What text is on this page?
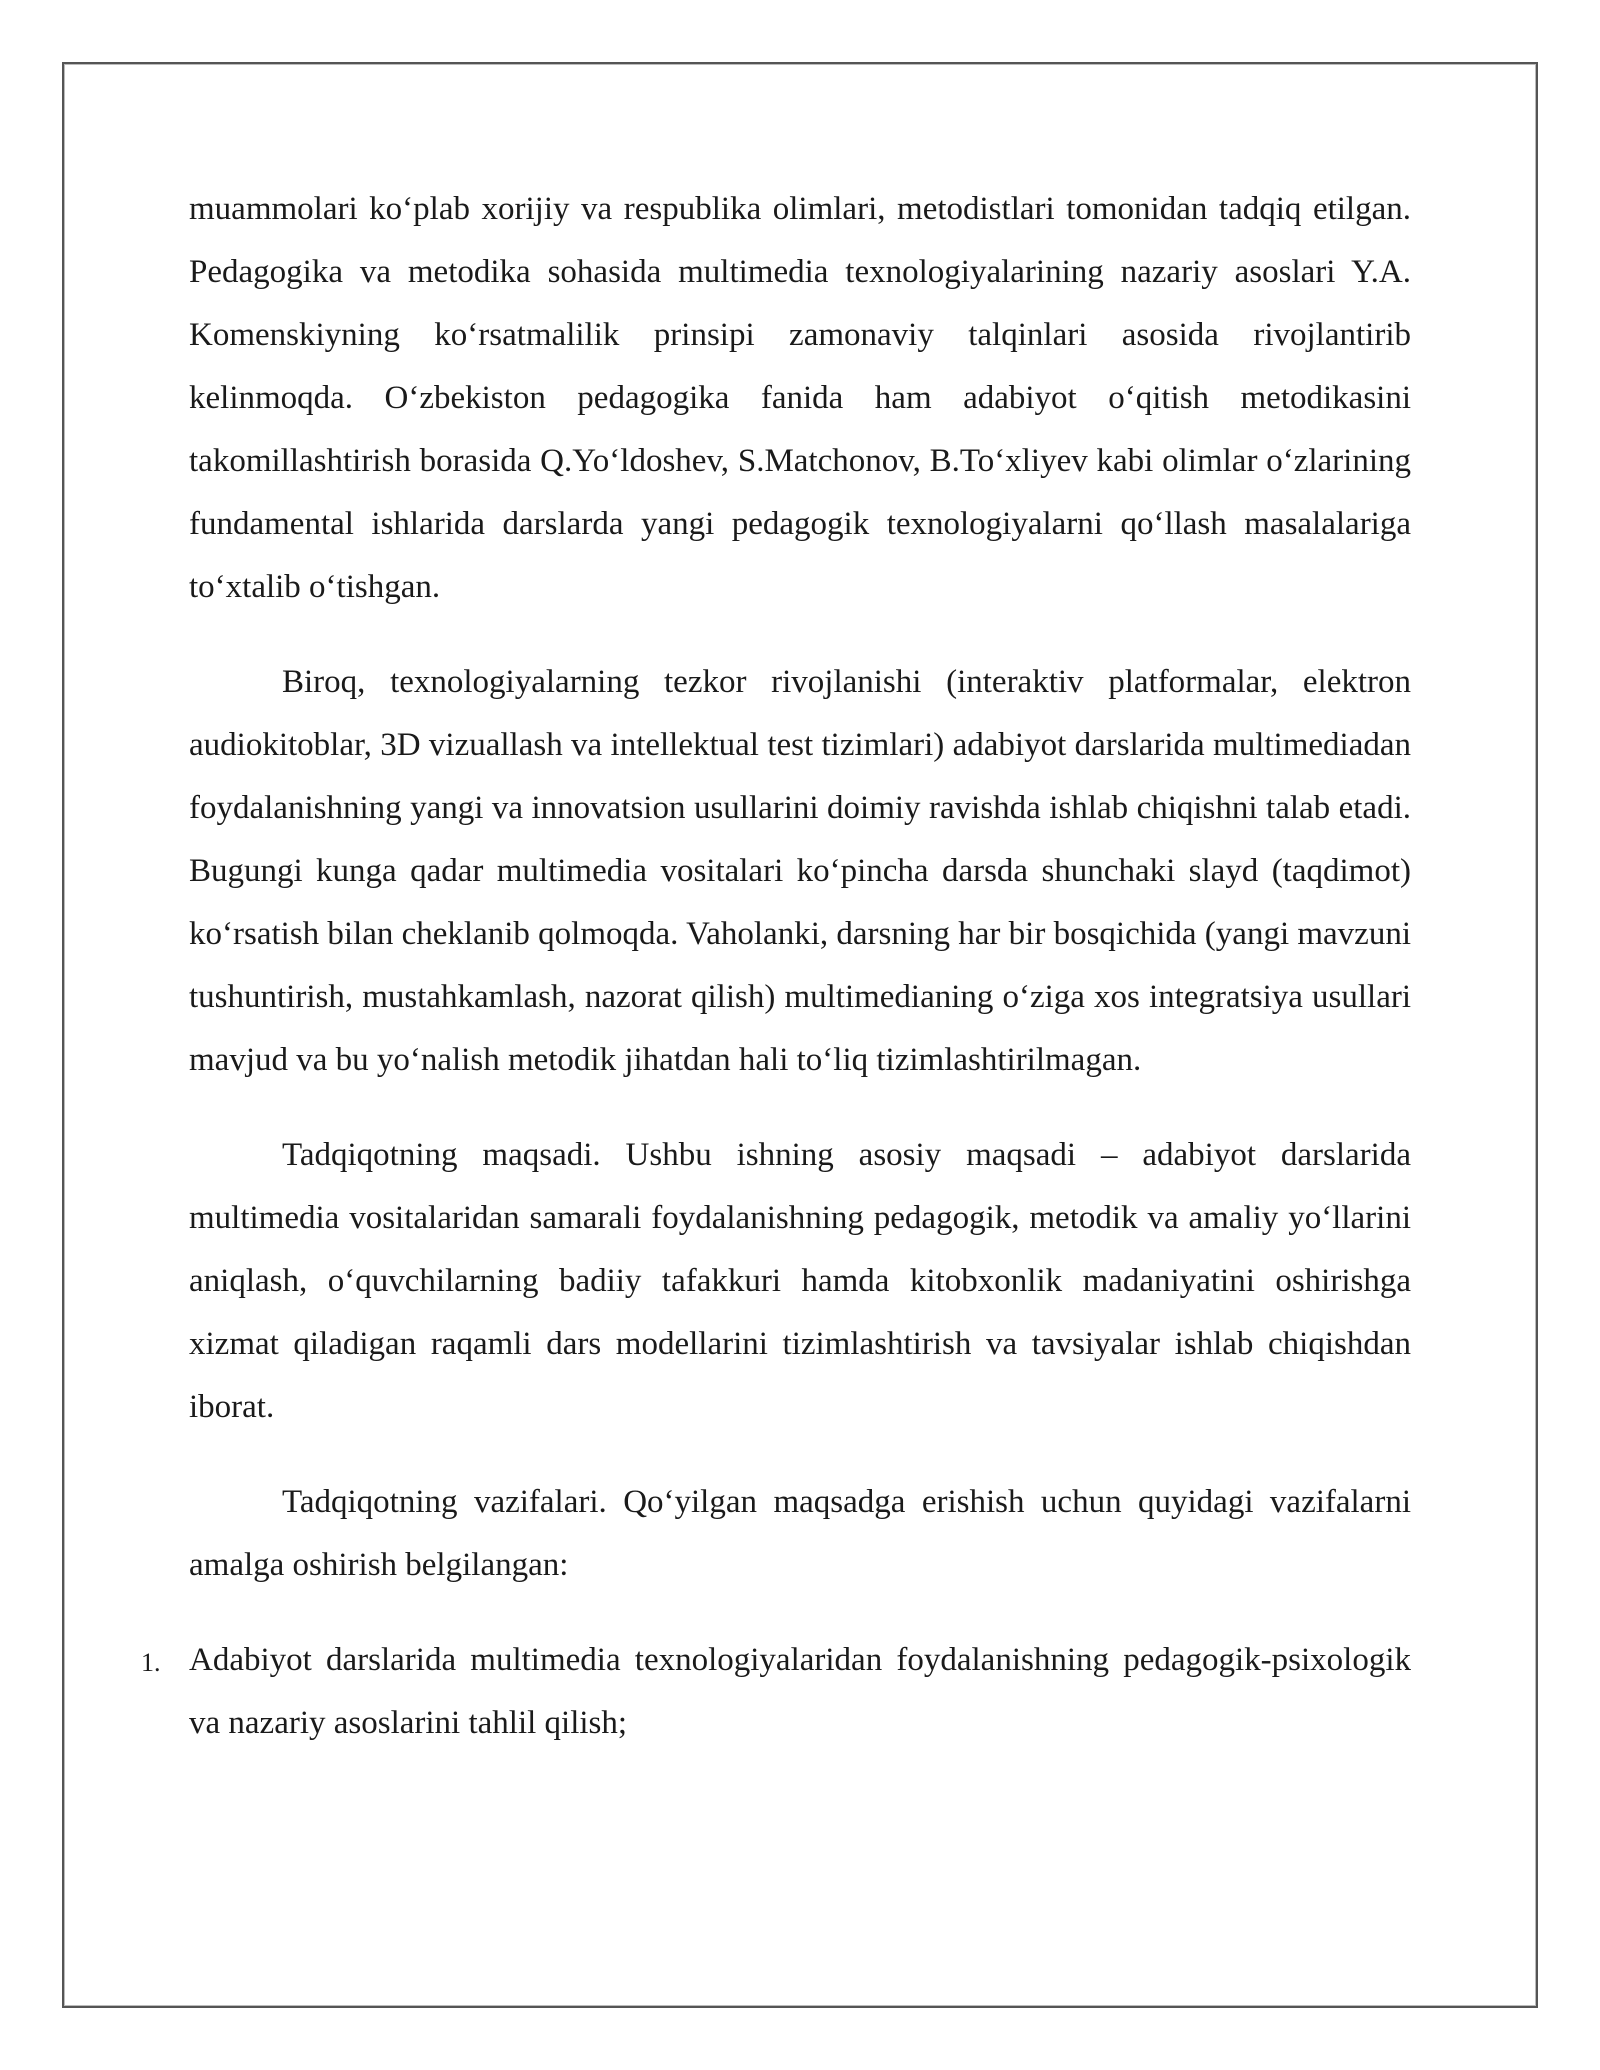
muammolari koʻplab xorijiy va respublika olimlari, metodistlari tomonidan tadqiq etilgan. Pedagogika va metodika sohasida multimedia texnologiyalarining nazariy asoslari Y.A. Komenskiyning koʻrsatmalilik prinsipi zamonaviy talqinlari asosida rivojlantirib kelinmoqda. Oʻzbekiston pedagogika fanida ham adabiyot oʻqitish metodikasini takomillashtirish borasida Q.Yoʻldoshev, S.Matchonov, B.Toʻxliyev kabi olimlar oʻzlarining fundamental ishlarida darslarda yangi pedagogik texnologiyalarni qoʻllash masalalariga toʻxtalib oʻtishgan.

Biroq, texnologiyalarning tezkor rivojlanishi (interaktiv platformalar, elektron audiokitoblar, 3D vizuallash va intellektual test tizimlari) adabiyot darslarida multimediadan foydalanishning yangi va innovatsion usullarini doimiy ravishda ishlab chiqishni talab etadi. Bugungi kunga qadar multimedia vositalari koʻpincha darsda shunchaki slayd (taqdimot) koʻrsatish bilan cheklanib qolmoqda. Vaholanki, darsning har bir bosqichida (yangi mavzuni tushuntirish, mustahkamlash, nazorat qilish) multimedianing oʻziga xos integratsiya usullari mavjud va bu yoʻnalish metodik jihatdan hali toʻliq tizimlashtirilmagan.

Tadqiqotning maqsadi. Ushbu ishning asosiy maqsadi – adabiyot darslarida multimedia vositalaridan samarali foydalanishning pedagogik, metodik va amaliy yoʻllarini aniqlash, oʻquvchilarning badiiy tafakkuri hamda kitobxonlik madaniyatini oshirishga xizmat qiladigan raqamli dars modellarini tizimlashtirish va tavsiyalar ishlab chiqishdan iborat.

Tadqiqotning vazifalari. Qoʻyilgan maqsadga erishish uchun quyidagi vazifalarni amalga oshirish belgilangan:

1. Adabiyot darslarida multimedia texnologiyalaridan foydalanishning pedagogik-psixologik va nazariy asoslarini tahlil qilish;
